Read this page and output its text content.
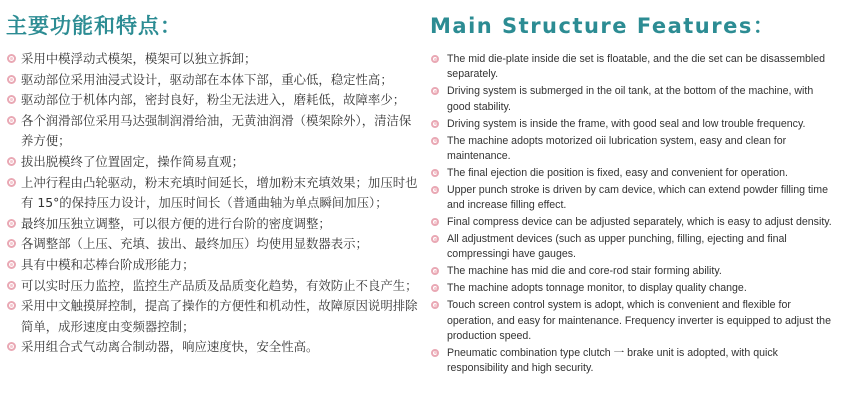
主要功能和特点：	Main Structure Features：
采用中模浮动式模架，模架可以独立拆卸；
驱动部位采用油浸式设计，驱动部在本体下部，重心低，稳定性高；
驱动部位于机体内部，密封良好，粉尘无法进入，磨耗低，故障率少；
各个润滑部位采用马达强制润滑给油，无黄油润滑（模架除外），清洁保养方便；
拔出脱模终了位置固定，操作简易直观；
上冲行程由凸轮驱动，粉末充填时间延长，增加粉末充填效果；加压时也有 15°的保持压力设计，加压时间长（普通曲轴为单点瞬间加压）；
最终加压独立调整，可以很方便的进行台阶的密度调整；
各调整部（上压、充填、拔出、最终加压）均使用显数器表示；
具有中模和芯棒台阶成形能力；
可以实时压力监控，监控生产品质及品质变化趋势，有效防止不良产生；
采用中文触摸屏控制，提高了操作的方便性和机动性，故障原因说明排除简单，成形速度由变频器控制；
采用组合式气动离合制动器，响应速度快，安全性高。
The mid die-plate inside die set is floatable, and the die set can be disassembled separately.
Driving system is submerged in the oil tank, at the bottom of the machine, with good stability.
Driving system is inside the frame, with good seal and low trouble frequency.
The machine adopts motorized oii lubrication system, easy and clean for maintenance.
The final ejection die position is fixed, easy and convenient for operation.
Upper punch stroke is driven by cam device, which can extend powder filling time and increase filling effect.
Final compress device can be adjusted separately, which is easy to adjust density.
All adjustment devices (such as upper punching, filling, ejecting and final compressingi have gauges.
The machine has mid die and core-rod stair forming ability.
The machine adopts tonnage monitor, to display quality change.
Touch screen control system is adopt, which is convenient and flexible for operation, and easy for maintenance. Frequency inverter is equipped to adjust the production speed.
Pneumatic combination type clutch 一 brake unit is adopted, with quick responsibility and high security.
